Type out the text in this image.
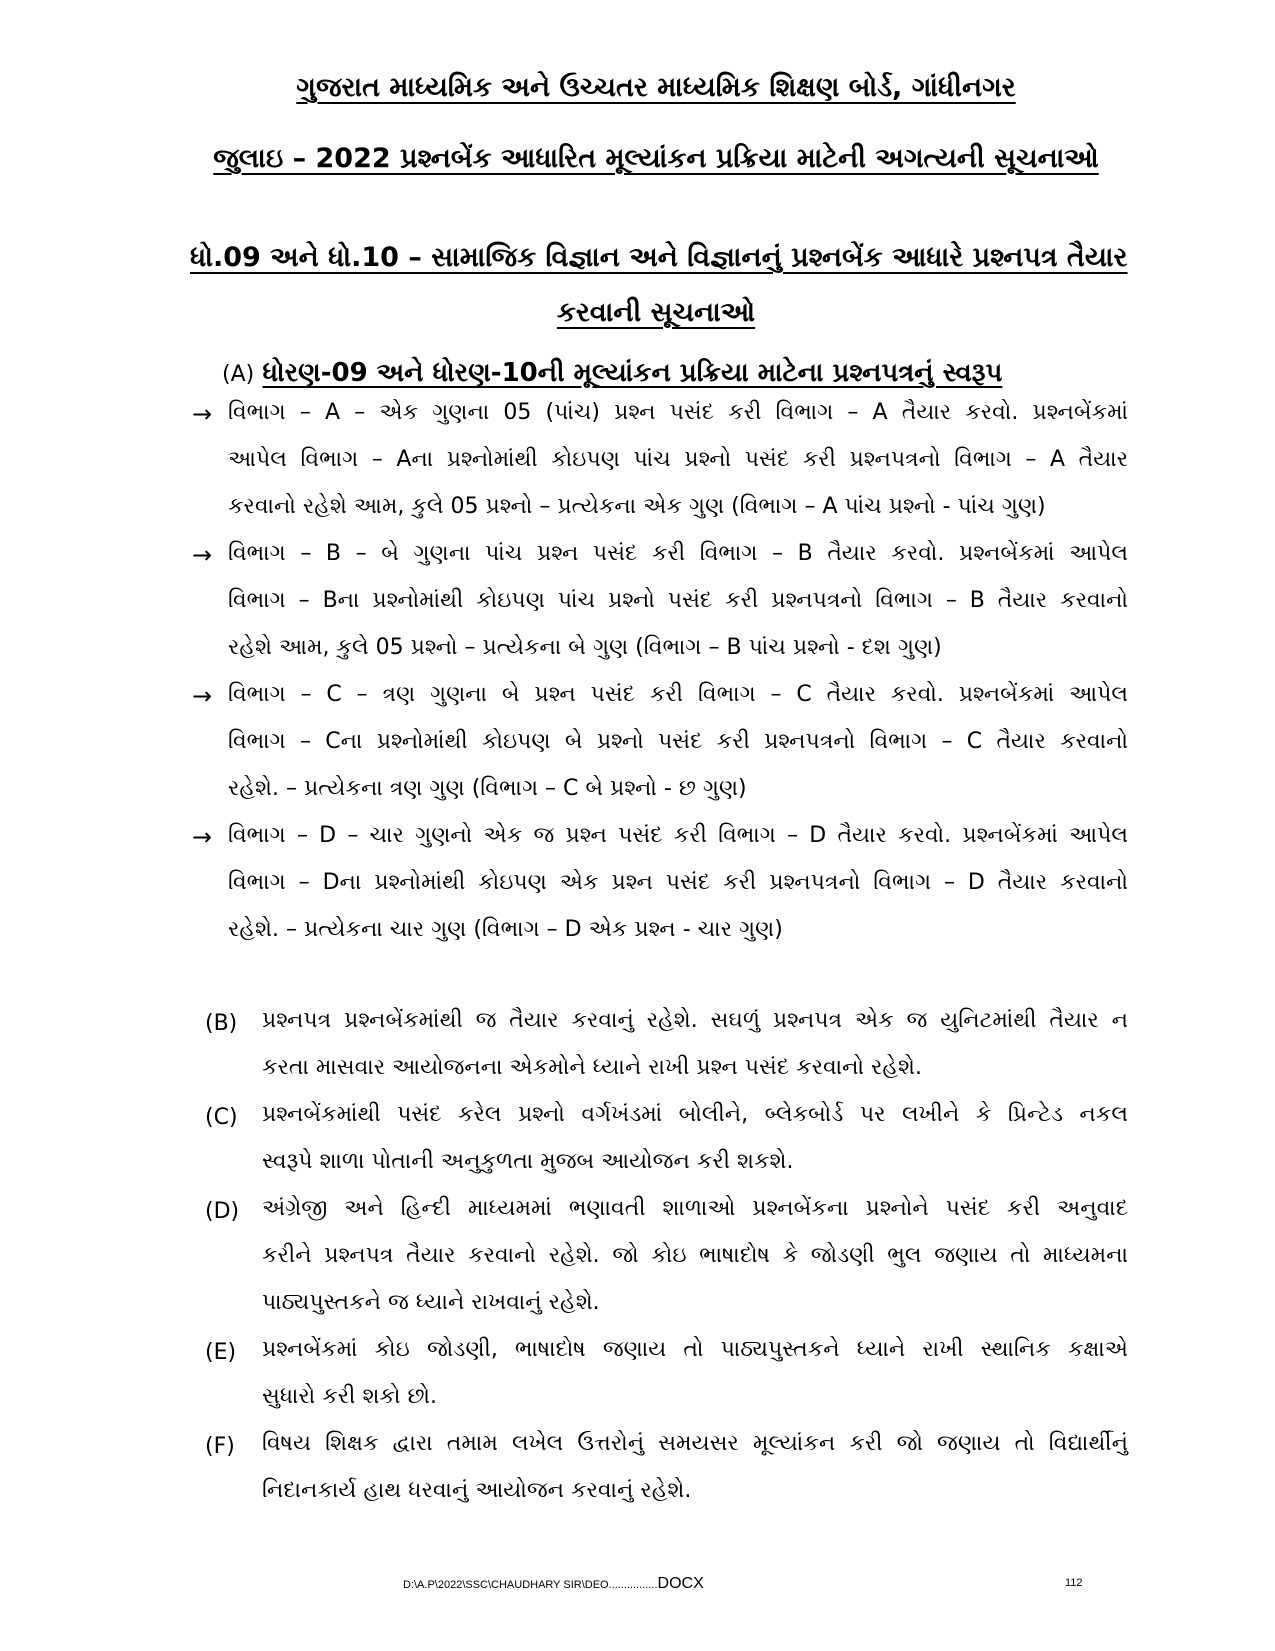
ગુજરાત માધ્યમિક અને ઉચ્ચતર માધ્યમિક શિક્ષણ બોર્ડ, ગાંધીનગર
જુલાઇ – 2022 પ્રશ્નબેંક આધારિત મૂલ્યાંકન પ્રક્રિયા માટેની અગત્યની સૂચનાઓ
ધો.09 અને ધો.10 – સામાજિક વિજ્ઞાન અને વિજ્ઞાનનું પ્રશ્નબેંક આધારે પ્રશ્નપત્ર તૈયાર
કરવાની સૂચનાઓ
(A) ધોરણ-09 અને ધોરણ-10ની મૂલ્યાંકન પ્રક્રિયા માટેના પ્રશ્નપત્રનું સ્વરૂપ
→ વિભાગ – A – એક ગુણના 05 (પાંચ) પ્રશ્ન પસંદ કરી વિભાગ – A તૈયાર કરવો. પ્રશ્નબેંકમાં
આપેલ વિભાગ – Aના પ્રશ્નોમાંથી કોઇપણ પાંચ પ્રશ્નો પસંદ કરી પ્રશ્નપત્રનો વિભાગ – A તૈયાર
કરવાનો રહેશે આમ, કુલે 05 પ્રશ્નો – પ્રત્યેકના એક ગુણ (વિભાગ – A પાંચ પ્રશ્નો - પાંચ ગુણ)
→ વિભાગ – B – બે ગુણના પાંચ પ્રશ્ન પસંદ કરી વિભાગ – B તૈયાર કરવો. પ્રશ્નબેંકમાં આપેલ
વિભાગ – Bના પ્રશ્નોમાંથી કોઇપણ પાંચ પ્રશ્નો પસંદ કરી પ્રશ્નપત્રનો વિભાગ – B તૈયાર કરવાનો
રહેશે આમ, કુલે 05 પ્રશ્નો – પ્રત્યેકના બે ગુણ (વિભાગ – B પાંચ પ્રશ્નો - દશ ગુણ)
→ વિભાગ – C – ત્રણ ગુણના બે પ્રશ્ન પસંદ કરી વિભાગ – C તૈયાર કરવો. પ્રશ્નબેંકમાં આપેલ
વિભાગ – Cના પ્રશ્નોમાંથી કોઇપણ બે પ્રશ્નો પસંદ કરી પ્રશ્નપત્રનો વિભાગ – C તૈયાર કરવાનો
રહેશે. – પ્રત્યેકના ત્રણ ગુણ (વિભાગ – C બે પ્રશ્નો - છ ગુણ)
→ વિભાગ – D – ચાર ગુણનો એક જ પ્રશ્ન પસંદ કરી વિભાગ – D તૈયાર કરવો. પ્રશ્નબેંકમાં આપેલ
વિભાગ – Dના પ્રશ્નોમાંથી કોઇપણ એક પ્રશ્ન પસંદ કરી પ્રશ્નપત્રનો વિભાગ – D તૈયાર કરવાનો
રહેશે. – પ્રત્યેકના ચાર ગુણ (વિભાગ – D એક પ્રશ્ન - ચાર ગુણ)
(B) પ્રશ્નપત્ર પ્રશ્નબેંકમાંથી જ તૈયાર કરવાનું રહેશે. સઘળું પ્રશ્નપત્ર એક જ યુનિટમાંથી તૈયાર ન
કરતા માસવાર આયોજનના એકમોને ધ્યાને રાખી પ્રશ્ન પસંદ કરવાનો રહેશે.
(C) પ્રશ્નબેંકમાંથી પસંદ કરેલ પ્રશ્નો વર્ગખંડમાં બોલીને, બ્લેકબોર્ડ પર લખીને કે પ્રિન્ટેડ નકલ
સ્વરૂપે શાળા પોતાની અનુકુળતા મુજબ આયોજન કરી શકશે.
(D) અંગ્રેજી અને હિન્દી માધ્યમમાં ભણાવતી શાળાઓ પ્રશ્નબેંકના પ્રશ્નોને પસંદ કરી અનુવાદ
કરીને પ્રશ્નપત્ર તૈયાર કરવાનો રહેશે. જો કોઇ ભાષાદોષ કે જોડણી ભુલ જણાય તો માધ્યમના
પાઠ્યપુસ્તકને જ ધ્યાને રાખવાનું રહેશે.
(E) પ્રશ્નબેંકમાં કોઇ જોડણી, ભાષાદોષ જણાય તો પાઠ્યપુસ્તકને ધ્યાને રાખી સ્થાનિક કક્ષાએ
સુધારો કરી શકો છો.
(F) વિષય શિક્ષક દ્વારા તમામ લખેલ ઉત્તરોનું સમયસર મૂલ્યાંકન કરી જો જણાય તો વિદ્યાર્થીનું
નિદાનકાર્ય હાથ ધરવાનું આયોજન કરવાનું રહેશે.
D:\A.P\2022\SSC\CHAUDHARY SIR\DEO................DOCX	112
